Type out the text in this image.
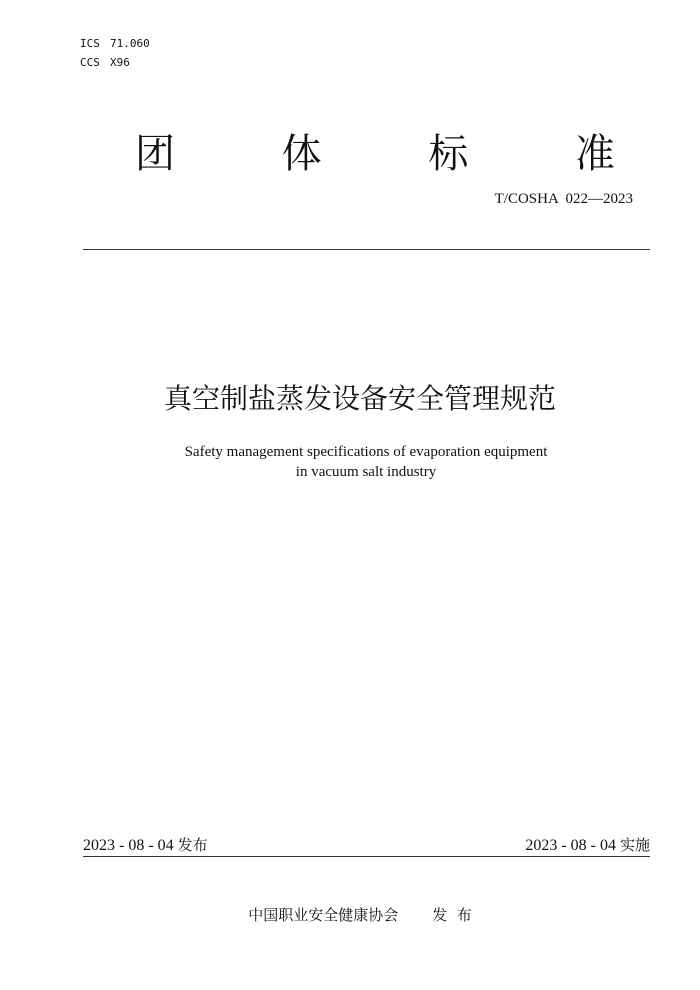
ICS 71.060
CCS X96
团	体	标	准
T/COSHA  022—2023
真空制盐蒸发设备安全管理规范
Safety management specifications of evaporation equipment
in vacuum salt industry
2023 - 08 - 04 发布	2023 - 08 - 04 实施
中国职业安全健康协会 发  布
